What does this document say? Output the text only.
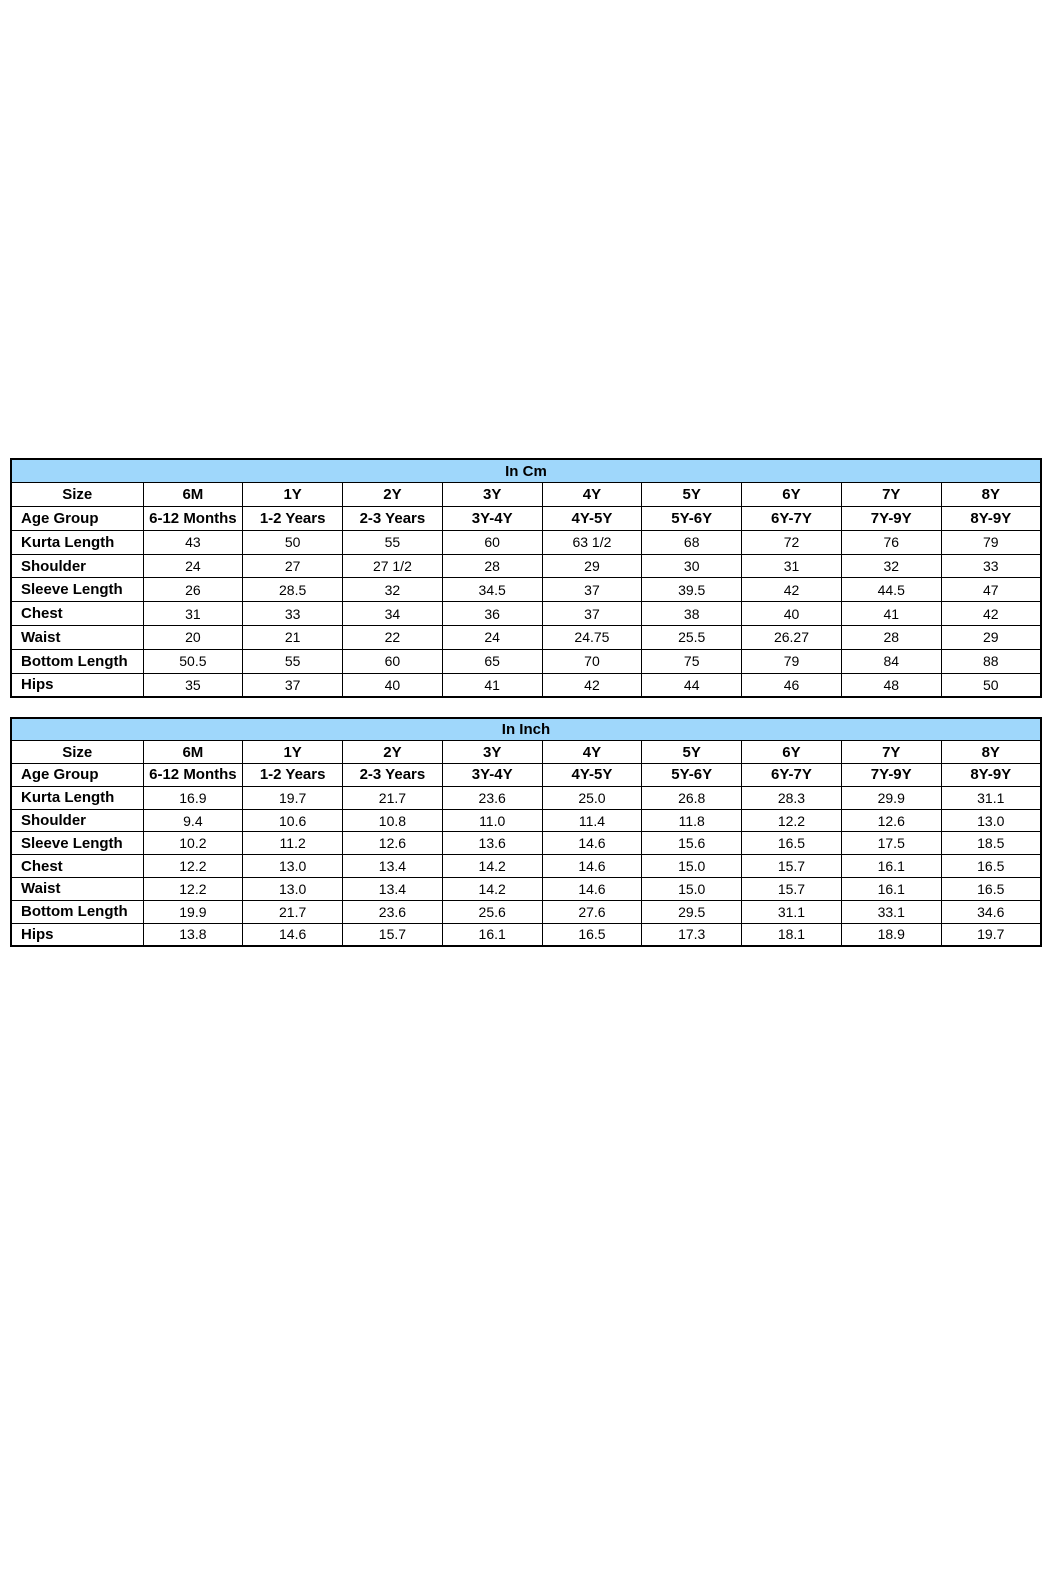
In Cm									
Size	6M	1Y	2Y	3Y	4Y	5Y	6Y	7Y	8Y
Age Group	6-12 Months	1-2 Years	2-3 Years	3Y-4Y	4Y-5Y	5Y-6Y	6Y-7Y	7Y-9Y	8Y-9Y
Kurta Length	43	50	55	60	63 1/2	68	72	76	79
Shoulder	24	27	27 1/2	28	29	30	31	32	33
Sleeve Length	26	28.5	32	34.5	37	39.5	42	44.5	47
Chest	31	33	34	36	37	38	40	41	42
Waist	20	21	22	24	24.75	25.5	26.27	28	29
Bottom Length	50.5	55	60	65	70	75	79	84	88
Hips	35	37	40	41	42	44	46	48	50
In Inch									
Size	6M	1Y	2Y	3Y	4Y	5Y	6Y	7Y	8Y
Age Group	6-12 Months	1-2 Years	2-3 Years	3Y-4Y	4Y-5Y	5Y-6Y	6Y-7Y	7Y-9Y	8Y-9Y
Kurta Length	16.9	19.7	21.7	23.6	25.0	26.8	28.3	29.9	31.1
Shoulder	9.4	10.6	10.8	11.0	11.4	11.8	12.2	12.6	13.0
Sleeve Length	10.2	11.2	12.6	13.6	14.6	15.6	16.5	17.5	18.5
Chest	12.2	13.0	13.4	14.2	14.6	15.0	15.7	16.1	16.5
Waist	12.2	13.0	13.4	14.2	14.6	15.0	15.7	16.1	16.5
Bottom Length	19.9	21.7	23.6	25.6	27.6	29.5	31.1	33.1	34.6
Hips	13.8	14.6	15.7	16.1	16.5	17.3	18.1	18.9	19.7
